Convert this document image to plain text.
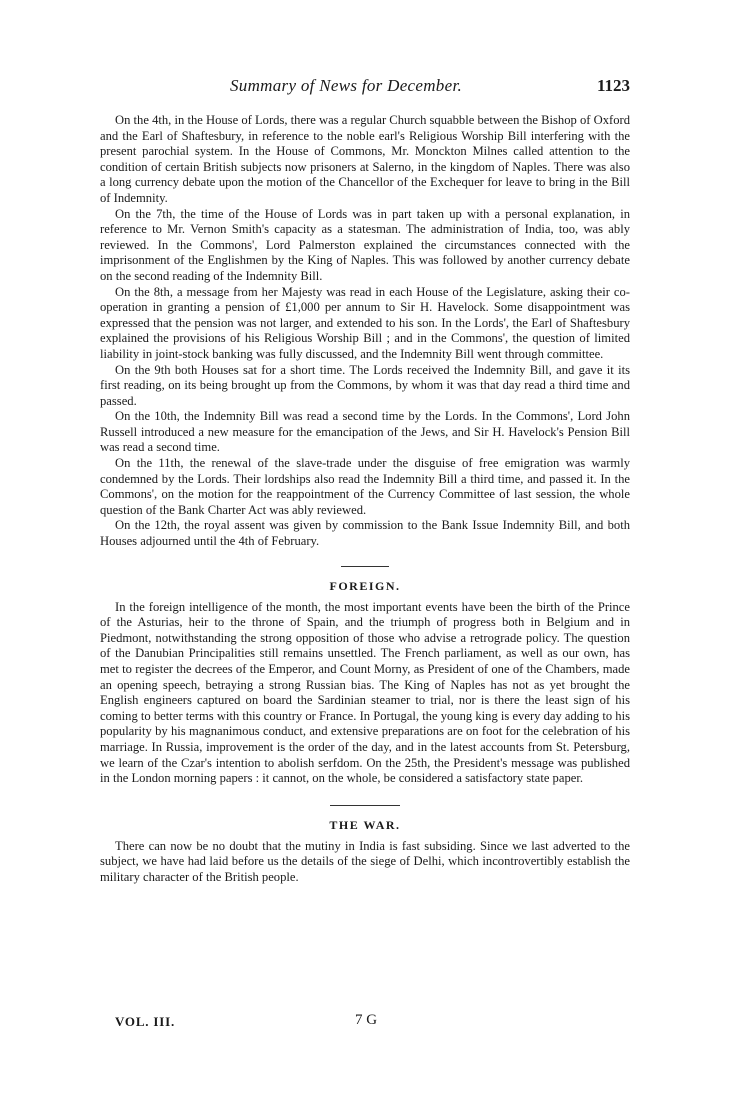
Summary of News for December.	1123

On the 4th, in the House of Lords, there was a regular Church squabble between the Bishop of Oxford and the Earl of Shaftesbury, in reference to the noble earl's Religious Worship Bill interfering with the present parochial system. In the House of Commons, Mr. Monckton Milnes called attention to the condition of certain British subjects now prisoners at Salerno, in the kingdom of Naples. There was also a long currency debate upon the motion of the Chancellor of the Exchequer for leave to bring in the Bill of Indemnity.

On the 7th, the time of the House of Lords was in part taken up with a personal explanation, in reference to Mr. Vernon Smith's capacity as a statesman. The administration of India, too, was ably reviewed. In the Commons', Lord Palmerston explained the circumstances connected with the imprisonment of the Englishmen by the King of Naples. This was followed by another currency debate on the second reading of the Indemnity Bill.

On the 8th, a message from her Majesty was read in each House of the Legislature, asking their co-operation in granting a pension of £1,000 per annum to Sir H. Havelock. Some disappointment was expressed that the pension was not larger, and extended to his son. In the Lords', the Earl of Shaftesbury explained the provisions of his Religious Worship Bill ; and in the Commons', the question of limited liability in joint-stock banking was fully discussed, and the Indemnity Bill went through committee.

On the 9th both Houses sat for a short time. The Lords received the Indemnity Bill, and gave it its first reading, on its being brought up from the Commons, by whom it was that day read a third time and passed.

On the 10th, the Indemnity Bill was read a second time by the Lords. In the Commons', Lord John Russell introduced a new measure for the emancipation of the Jews, and Sir H. Havelock's Pension Bill was read a second time.

On the 11th, the renewal of the slave-trade under the disguise of free emigration was warmly condemned by the Lords. Their lordships also read the Indemnity Bill a third time, and passed it. In the Commons', on the motion for the reappointment of the Currency Committee of last session, the whole question of the Bank Charter Act was ably reviewed.

On the 12th, the royal assent was given by commission to the Bank Issue Indemnity Bill, and both Houses adjourned until the 4th of February.

FOREIGN.

In the foreign intelligence of the month, the most important events have been the birth of the Prince of the Asturias, heir to the throne of Spain, and the triumph of progress both in Belgium and in Piedmont, notwithstanding the strong opposition of those who advise a retrograde policy. The question of the Danubian Principalities still remains unsettled. The French parliament, as well as our own, has met to register the decrees of the Emperor, and Count Morny, as President of one of the Chambers, made an opening speech, betraying a strong Russian bias. The King of Naples has not as yet brought the English engineers captured on board the Sardinian steamer to trial, nor is there the least sign of his coming to better terms with this country or France. In Portugal, the young king is every day adding to his popularity by his magnanimous conduct, and extensive preparations are on foot for the celebration of his marriage. In Russia, improvement is the order of the day, and in the latest accounts from St. Petersburg, we learn of the Czar's intention to abolish serfdom. On the 25th, the President's message was published in the London morning papers : it cannot, on the whole, be considered a satisfactory state paper.

THE WAR.

There can now be no doubt that the mutiny in India is fast subsiding. Since we last adverted to the subject, we have had laid before us the details of the siege of Delhi, which incontrovertibly establish the military character of the British people.

VOL. III.	7 G
